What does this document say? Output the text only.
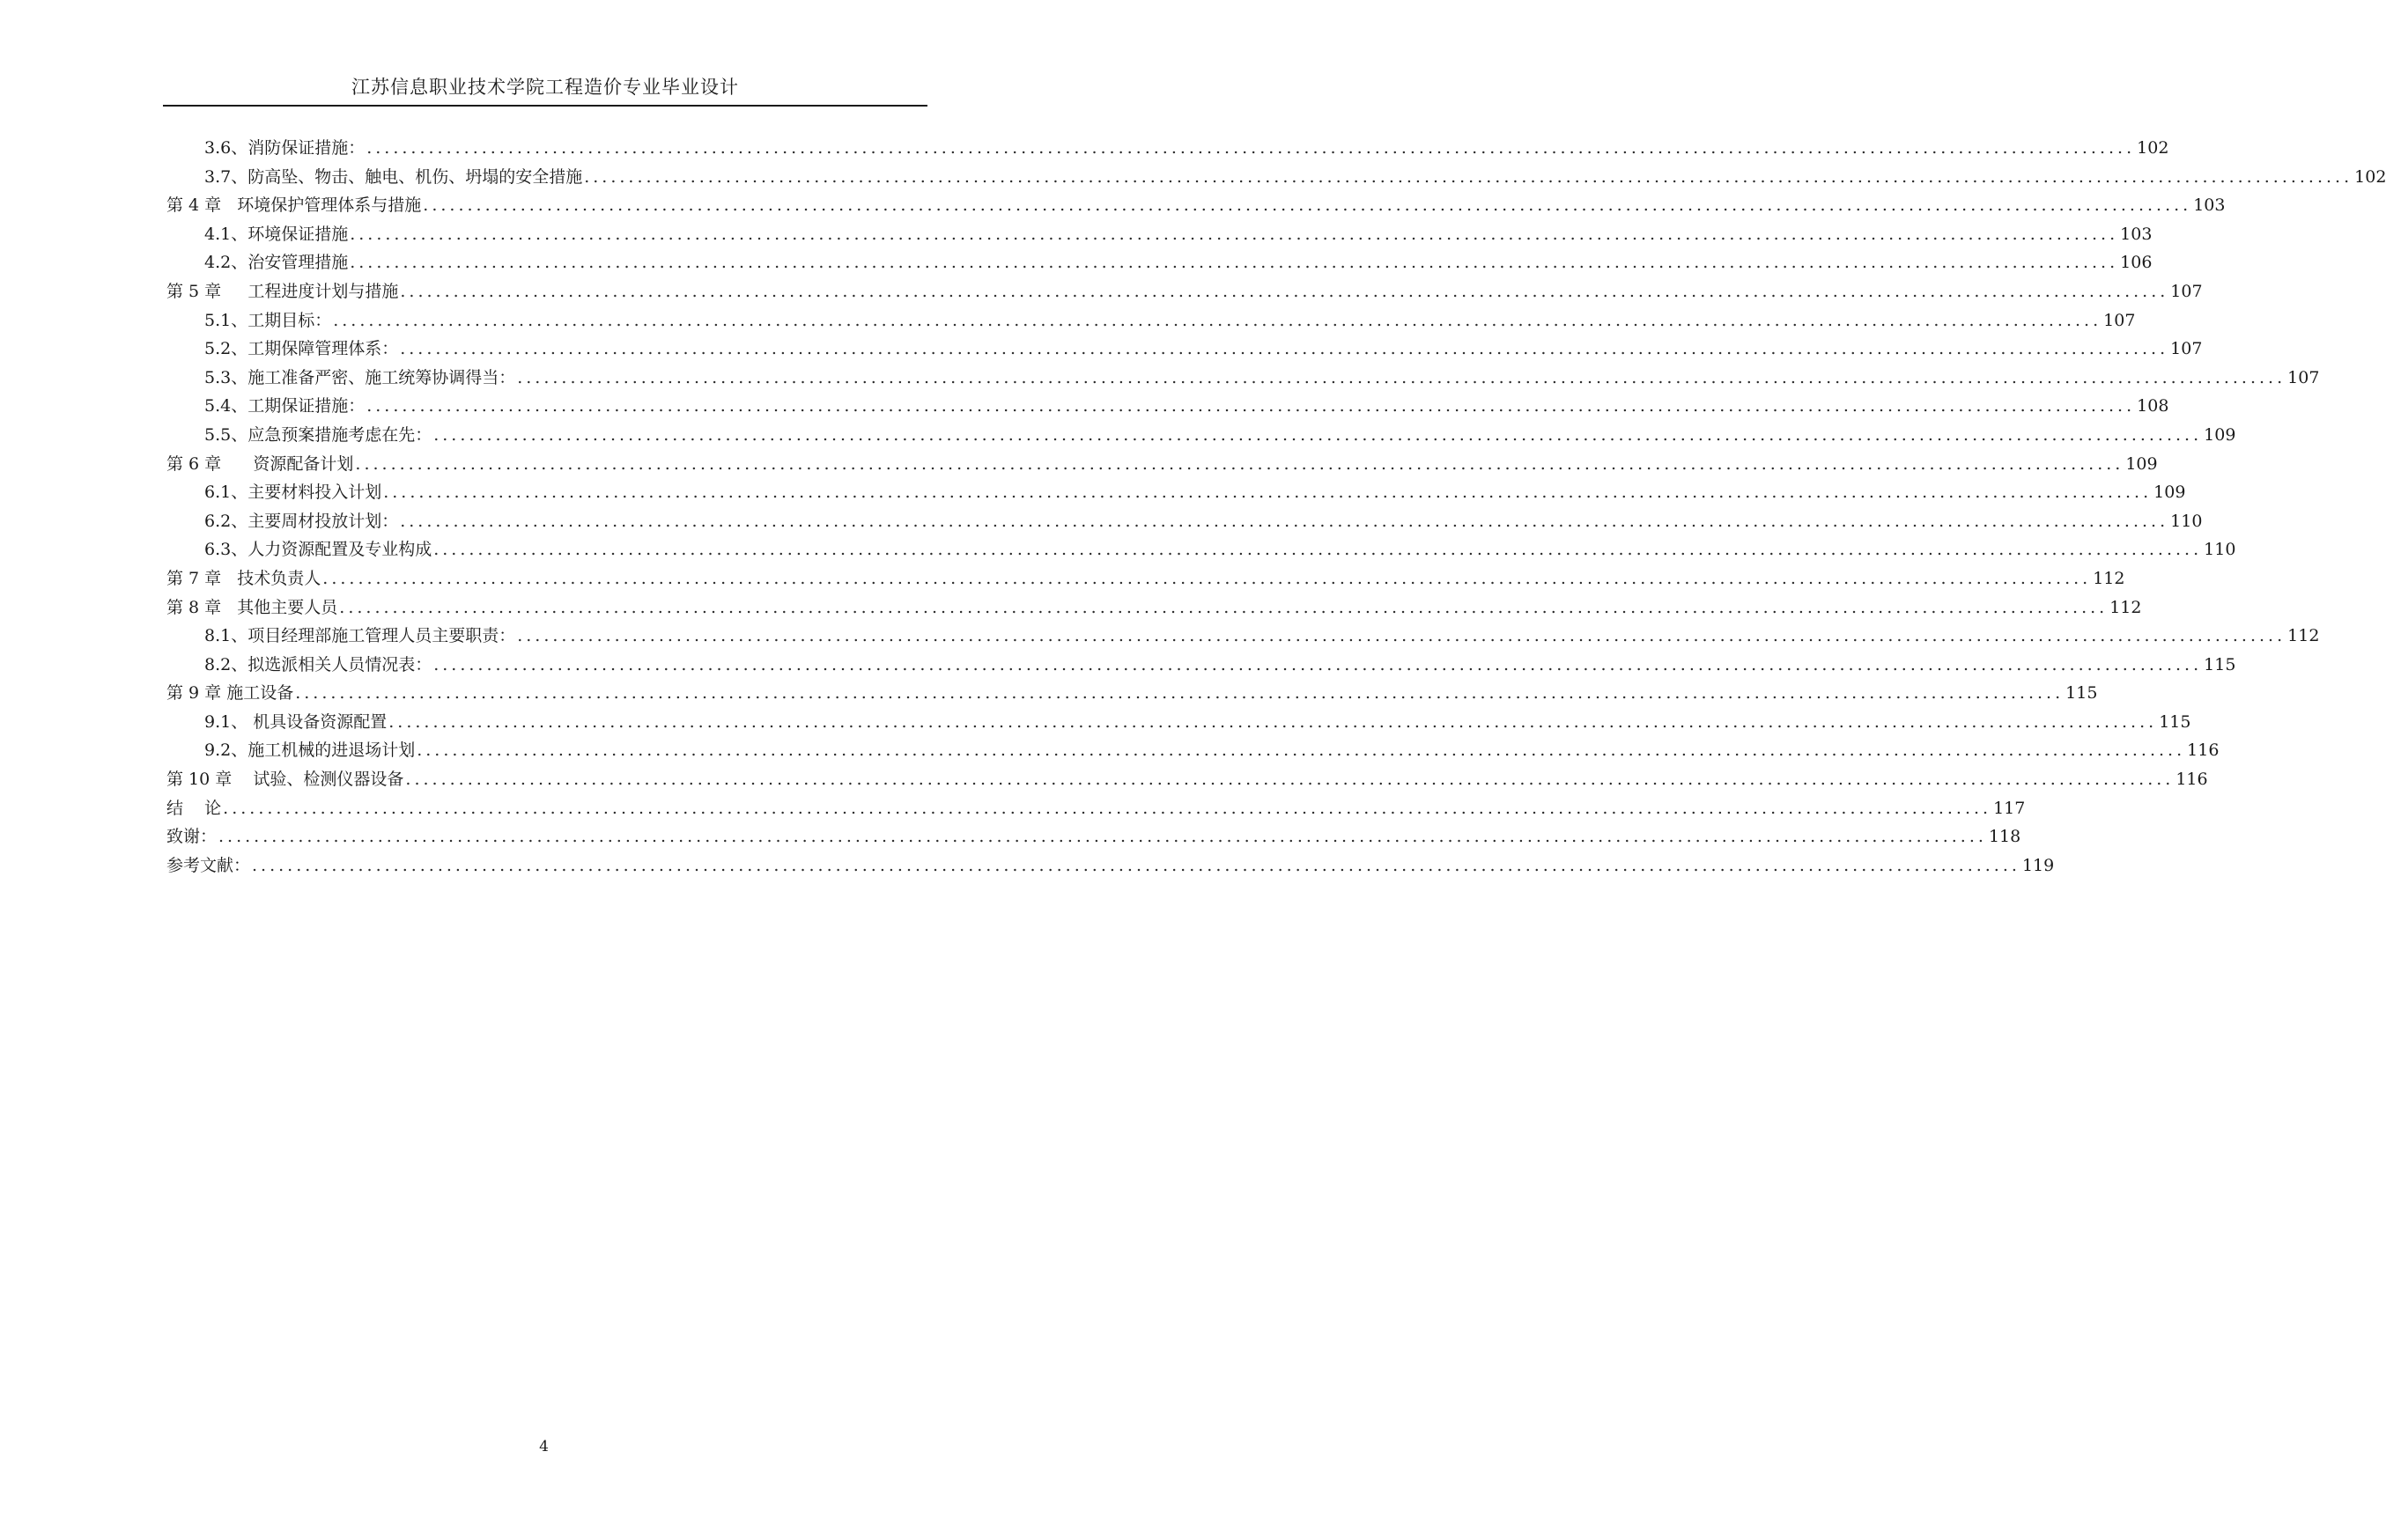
江苏信息职业技术学院工程造价专业毕业设计
3.6、消防保证措施： ........................................................................................................................................................................................................ 102
3.7、防高坠、物击、触电、机伤、坍塌的安全措施 ........................................................................................................................................................................................................ 102
第 4 章   环境保护管理体系与措施 ........................................................................................................................................................................................................ 103
4.1、环境保证措施 ........................................................................................................................................................................................................ 103
4.2、治安管理措施 ........................................................................................................................................................................................................ 106
第 5 章     工程进度计划与措施 ........................................................................................................................................................................................................ 107
5.1、工期目标： ........................................................................................................................................................................................................ 107
5.2、工期保障管理体系： ........................................................................................................................................................................................................ 107
5.3、施工准备严密、施工统筹协调得当： ........................................................................................................................................................................................................ 107
5.4、工期保证措施： ........................................................................................................................................................................................................ 108
5.5、应急预案措施考虑在先： ........................................................................................................................................................................................................ 109
第 6 章      资源配备计划 ........................................................................................................................................................................................................ 109
6.1、主要材料投入计划 ........................................................................................................................................................................................................ 109
6.2、主要周材投放计划： ........................................................................................................................................................................................................ 110
6.3、人力资源配置及专业构成 ........................................................................................................................................................................................................ 110
第 7 章   技术负责人 ........................................................................................................................................................................................................ 112
第 8 章   其他主要人员 ........................................................................................................................................................................................................ 112
8.1、项目经理部施工管理人员主要职责： ........................................................................................................................................................................................................ 112
8.2、拟选派相关人员情况表： ........................................................................................................................................................................................................ 115
第 9 章 施工设备 ........................................................................................................................................................................................................ 115
9.1、 机具设备资源配置 ........................................................................................................................................................................................................ 115
9.2、施工机械的进退场计划 ........................................................................................................................................................................................................ 116
第 10 章    试验、检测仪器设备 ........................................................................................................................................................................................................ 116
结    论 ........................................................................................................................................................................................................ 117
致谢： ........................................................................................................................................................................................................ 118
参考文献： ........................................................................................................................................................................................................ 119
4
